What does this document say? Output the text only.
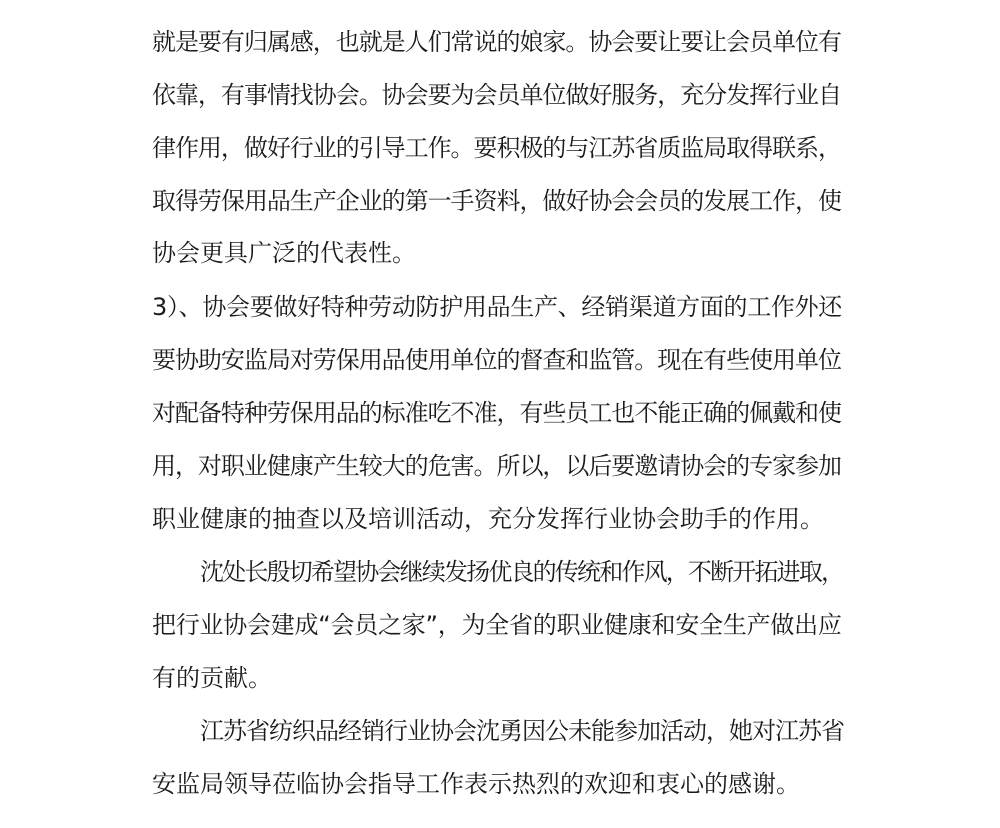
就是要有归属感，也就是人们常说的娘家。协会要让要让会员单位有
依靠，有事情找协会。协会要为会员单位做好服务，充分发挥行业自
律作用，做好行业的引导工作。要积极的与江苏省质监局取得联系，
取得劳保用品生产企业的第一手资料，做好协会会员的发展工作，使
协会更具广泛的代表性。
3）、协会要做好特种劳动防护用品生产、经销渠道方面的工作外还
要协助安监局对劳保用品使用单位的督查和监管。现在有些使用单位
对配备特种劳保用品的标准吃不准，有些员工也不能正确的佩戴和使
用，对职业健康产生较大的危害。所以，以后要邀请协会的专家参加
职业健康的抽查以及培训活动，充分发挥行业协会助手的作用。
沈处长殷切希望协会继续发扬优良的传统和作风，不断开拓进取，
把行业协会建成“会员之家”，为全省的职业健康和安全生产做出应
有的贡献。
江苏省纺织品经销行业协会沈勇因公未能参加活动，她对江苏省
安监局领导莅临协会指导工作表示热烈的欢迎和衷心的感谢。
